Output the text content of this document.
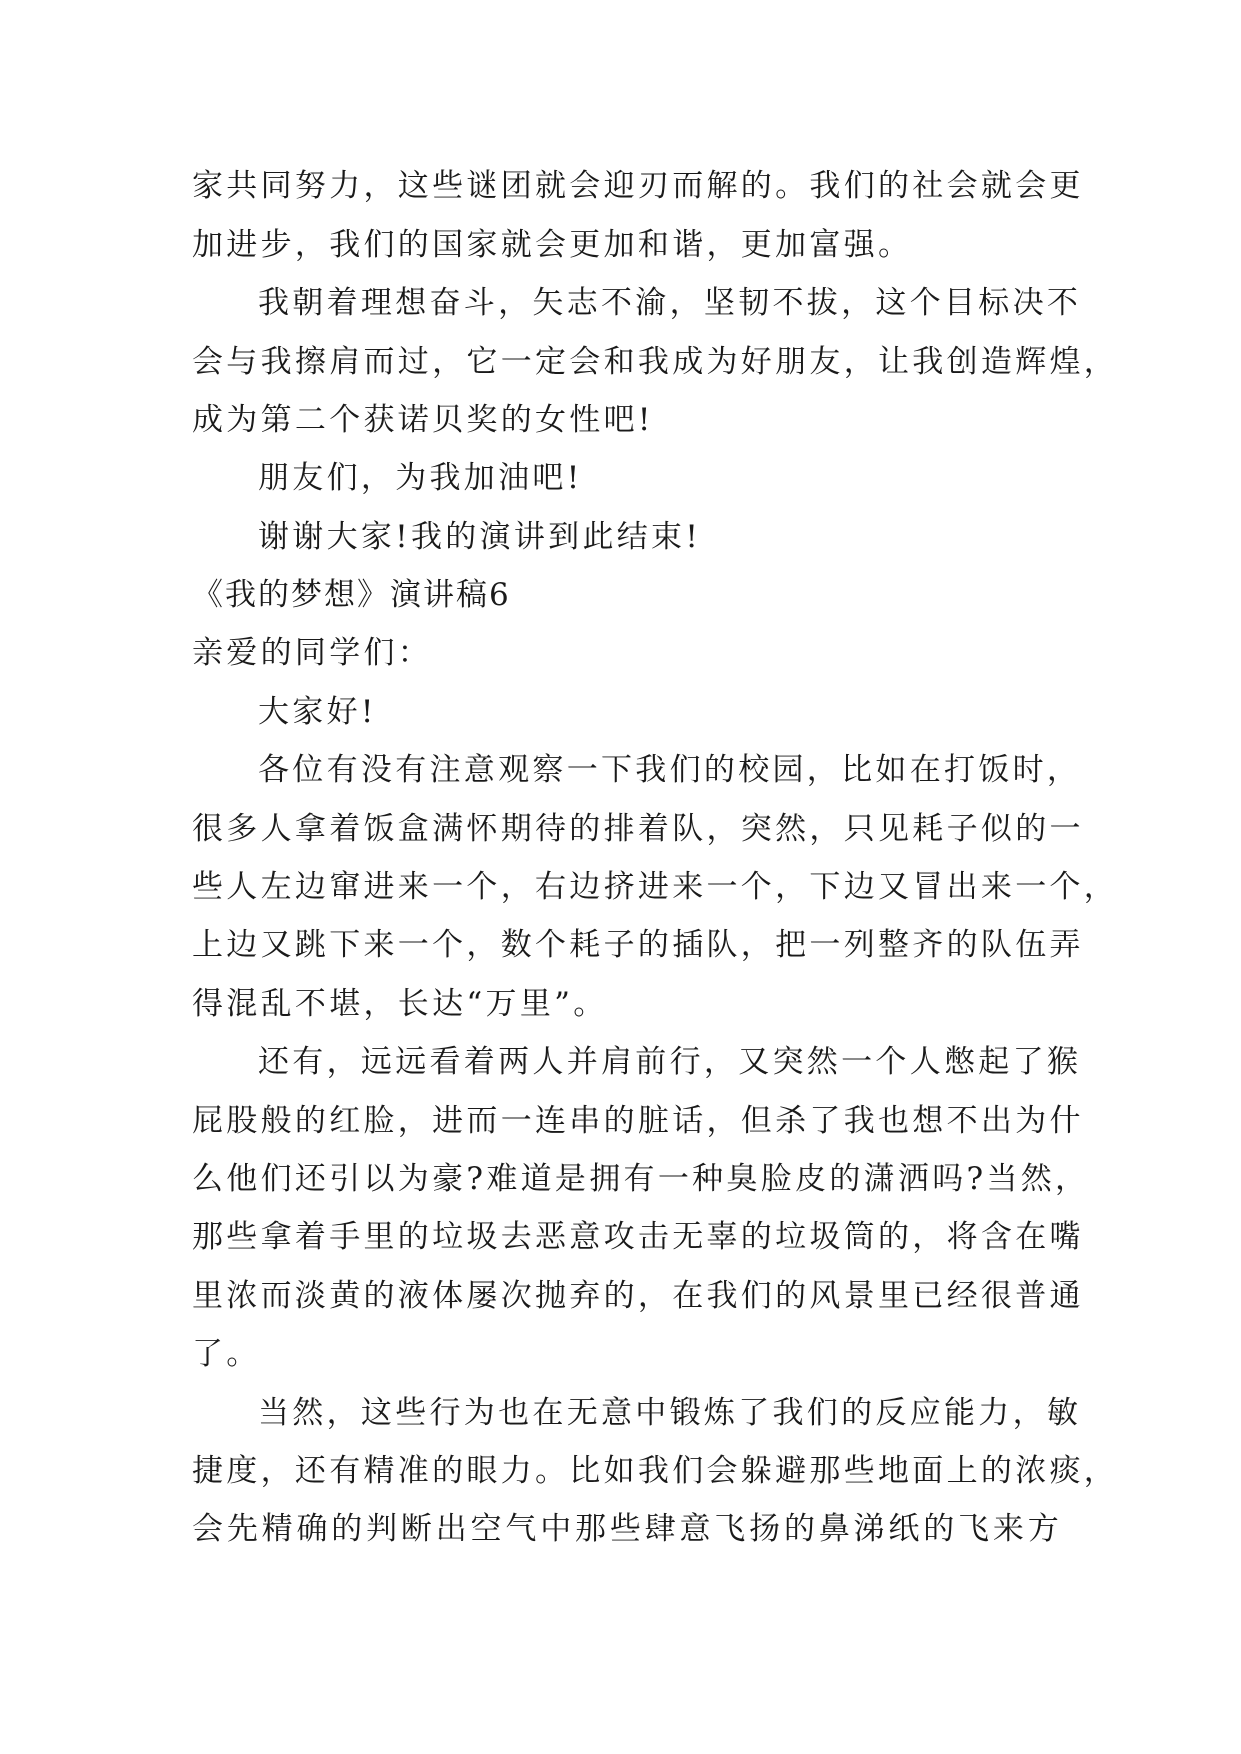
家共同努力，这些谜团就会迎刃而解的。我们的社会就会更
加进步，我们的国家就会更加和谐，更加富强。
我朝着理想奋斗，矢志不渝，坚韧不拔，这个目标决不
会与我擦肩而过，它一定会和我成为好朋友，让我创造辉煌，
成为第二个获诺贝奖的女性吧!
朋友们，为我加油吧!
谢谢大家!我的演讲到此结束!
《我的梦想》演讲稿6
亲爱的同学们：
大家好!
各位有没有注意观察一下我们的校园，比如在打饭时，
很多人拿着饭盒满怀期待的排着队，突然，只见耗子似的一
些人左边窜进来一个，右边挤进来一个，下边又冒出来一个，
上边又跳下来一个，数个耗子的插队，把一列整齐的队伍弄
得混乱不堪，长达“万里”。
还有，远远看着两人并肩前行，又突然一个人憋起了猴
屁股般的红脸，进而一连串的脏话，但杀了我也想不出为什
么他们还引以为豪?难道是拥有一种臭脸皮的潇洒吗?当然，
那些拿着手里的垃圾去恶意攻击无辜的垃圾筒的，将含在嘴
里浓而淡黄的液体屡次抛弃的，在我们的风景里已经很普通
了。
当然，这些行为也在无意中锻炼了我们的反应能力，敏
捷度，还有精准的眼力。比如我们会躲避那些地面上的浓痰，
会先精确的判断出空气中那些肆意飞扬的鼻涕纸的飞来方
